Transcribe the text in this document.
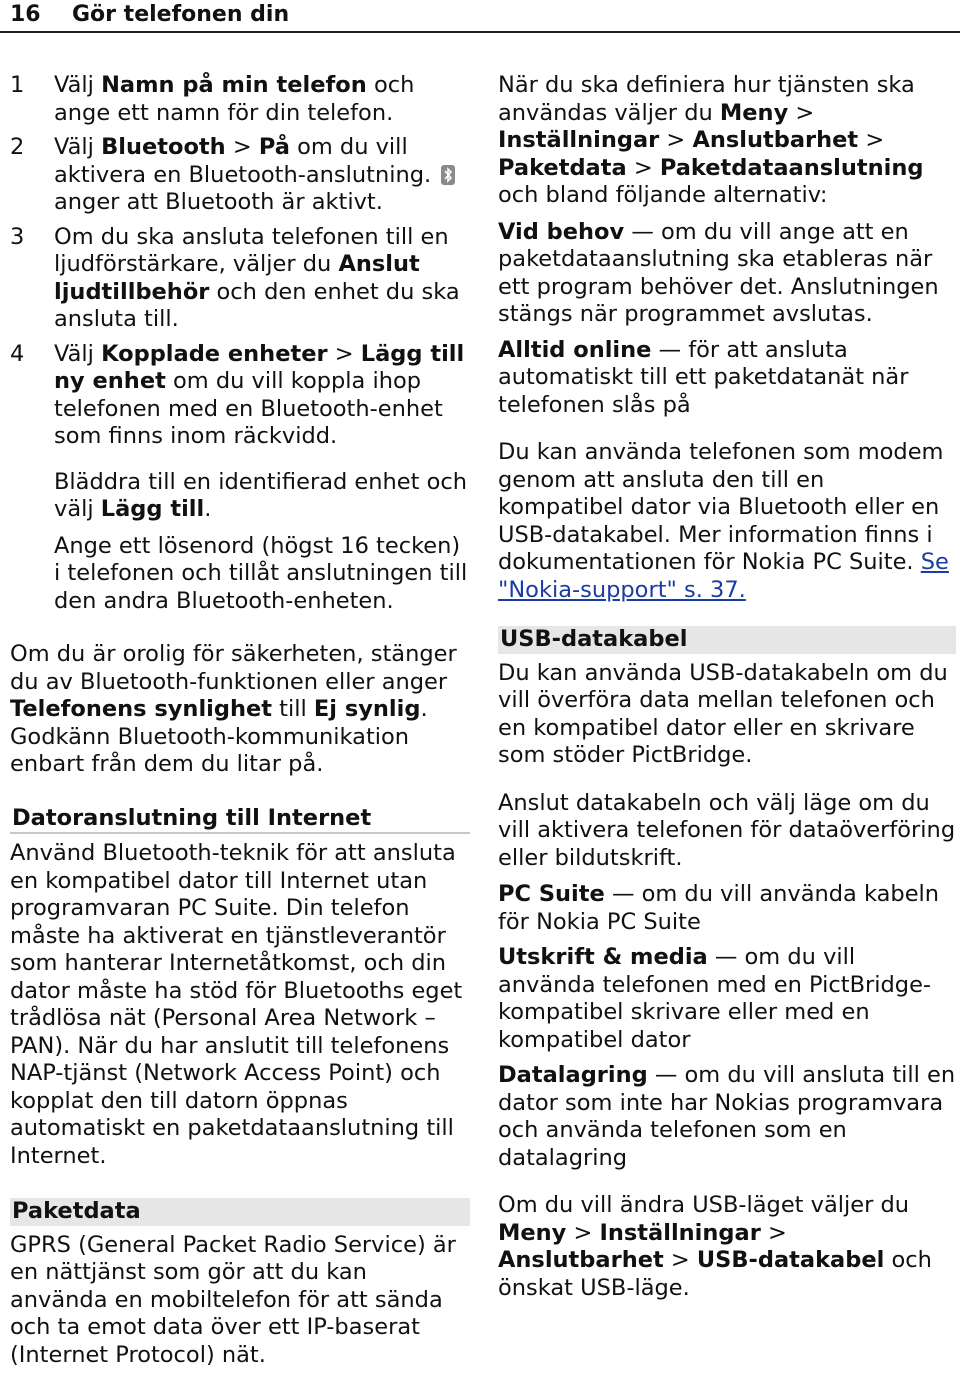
16 Gör telefonen din
1 Välj Namn på min telefon och ange ett namn för din telefon.
2 Välj Bluetooth > På om du vill aktivera en Bluetooth-anslutning.  anger att Bluetooth är aktivt.
3 Om du ska ansluta telefonen till en ljudförstärkare, väljer du Anslut ljudtillbehör och den enhet du ska ansluta till.
4 Välj Kopplade enheter > Lägg till ny enhet om du vill koppla ihop telefonen med en Bluetooth-enhet som finns inom räckvidd.

Bläddra till en identifierad enhet och välj Lägg till.

Ange ett lösenord (högst 16 tecken) i telefonen och tillåt anslutningen till den andra Bluetooth-enheten.

Om du är orolig för säkerheten, stänger du av Bluetooth-funktionen eller anger Telefonens synlighet till Ej synlig. Godkänn Bluetooth-kommunikation enbart från dem du litar på.

Datoranslutning till Internet

Använd Bluetooth-teknik för att ansluta en kompatibel dator till Internet utan programvaran PC Suite. Din telefon måste ha aktiverat en tjänstleverantör som hanterar Internetåtkomst, och din dator måste ha stöd för Bluetooths eget trådlösa nät (Personal Area Network – PAN). När du har anslutit till telefonens NAP-tjänst (Network Access Point) och kopplat den till datorn öppnas automatiskt en paketdataanslutning till Internet.

Paketdata

GPRS (General Packet Radio Service) är en nättjänst som gör att du kan använda en mobiltelefon för att sända och ta emot data över ett IP-baserat (Internet Protocol) nät.

När du ska definiera hur tjänsten ska användas väljer du Meny > Inställningar > Anslutbarhet > Paketdata > Paketdataanslutning och bland följande alternativ:

Vid behov — om du vill ange att en paketdataanslutning ska etableras när ett program behöver det. Anslutningen stängs när programmet avslutas.

Alltid online — för att ansluta automatiskt till ett paketdatanät när telefonen slås på

Du kan använda telefonen som modem genom att ansluta den till en kompatibel dator via Bluetooth eller en USB-datakabel. Mer information finns i dokumentationen för Nokia PC Suite. Se "Nokia-support" s. 37.

USB-datakabel

Du kan använda USB-datakabeln om du vill överföra data mellan telefonen och en kompatibel dator eller en skrivare som stöder PictBridge.

Anslut datakabeln och välj läge om du vill aktivera telefonen för dataöverföring eller bildutskrift.

PC Suite — om du vill använda kabeln för Nokia PC Suite

Utskrift & media — om du vill använda telefonen med en PictBridge-kompatibel skrivare eller med en kompatibel dator

Datalagring — om du vill ansluta till en dator som inte har Nokias programvara och använda telefonen som en datalagring

Om du vill ändra USB-läget väljer du Meny > Inställningar > Anslutbarhet > USB-datakabel och önskat USB-läge.
